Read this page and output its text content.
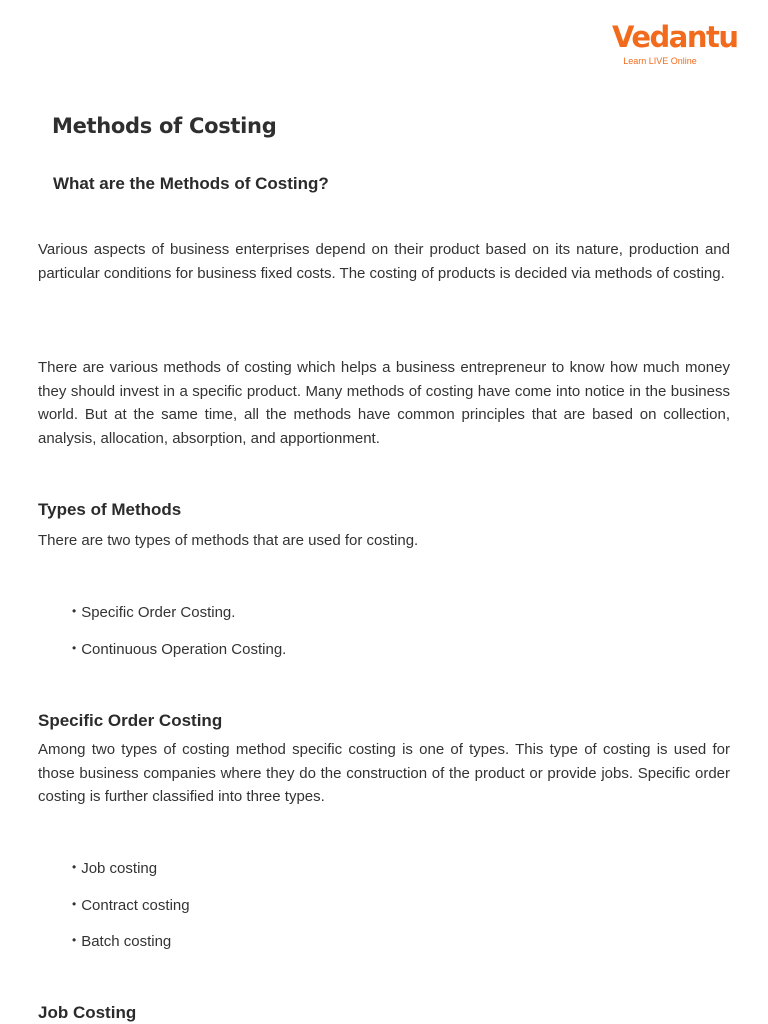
Vedantu
Learn LIVE Online
Methods of Costing
What are the Methods of Costing?

Various aspects of business enterprises depend on their product based on its nature, production and particular conditions for business fixed costs. The costing of products is decided via methods of costing.

There are various methods of costing which helps a business entrepreneur to know how much money they should invest in a specific product. Many methods of costing have come into notice in the business world. But at the same time, all the methods have common principles that are based on collection, analysis, allocation, absorption, and apportionment.

Types of Methods

There are two types of methods that are used for costing.

• Specific Order Costing.
• Continuous Operation Costing.
Specific Order Costing

Among two types of costing method specific costing is one of types. This type of costing is used for those business companies where they do the construction of the product or provide jobs. Specific order costing is further classified into three types.

• Job costing
• Contract costing
• Batch costing
Job Costing
